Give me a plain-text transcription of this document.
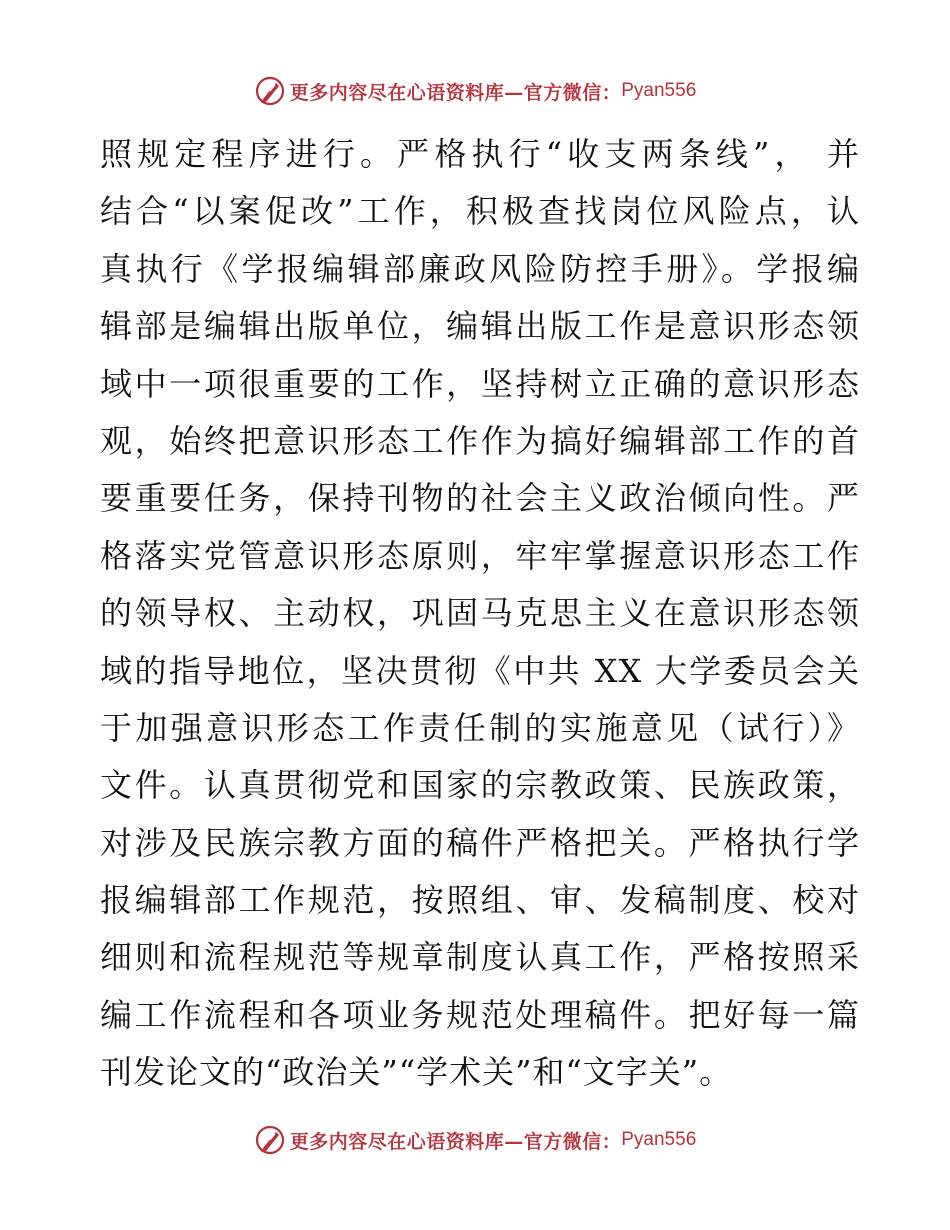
更多内容尽在心语资料库—官方微信： Pyan556
照规定程序进行。严格执行“收支两条线”， 并
结合“以案促改”工作，积极查找岗位风险点，认
真执行《学报编辑部廉政风险防控手册》。学报编
辑部是编辑出版单位，编辑出版工作是意识形态领
域中一项很重要的工作，坚持树立正确的意识形态
观，始终把意识形态工作作为搞好编辑部工作的首
要重要任务，保持刊物的社会主义政治倾向性。严
格落实党管意识形态原则，牢牢掌握意识形态工作
的领导权、主动权，巩固马克思主义在意识形态领
域的指导地位，坚决贯彻《中共 XX 大学委员会关
于加强意识形态工作责任制的实施意见（试行）》
文件。认真贯彻党和国家的宗教政策、民族政策，
对涉及民族宗教方面的稿件严格把关。严格执行学
报编辑部工作规范，按照组、审、发稿制度、校对
细则和流程规范等规章制度认真工作，严格按照采
编工作流程和各项业务规范处理稿件。把好每一篇
刊发论文的“政治关”“学术关”和“文字关”。
更多内容尽在心语资料库—官方微信： Pyan556
